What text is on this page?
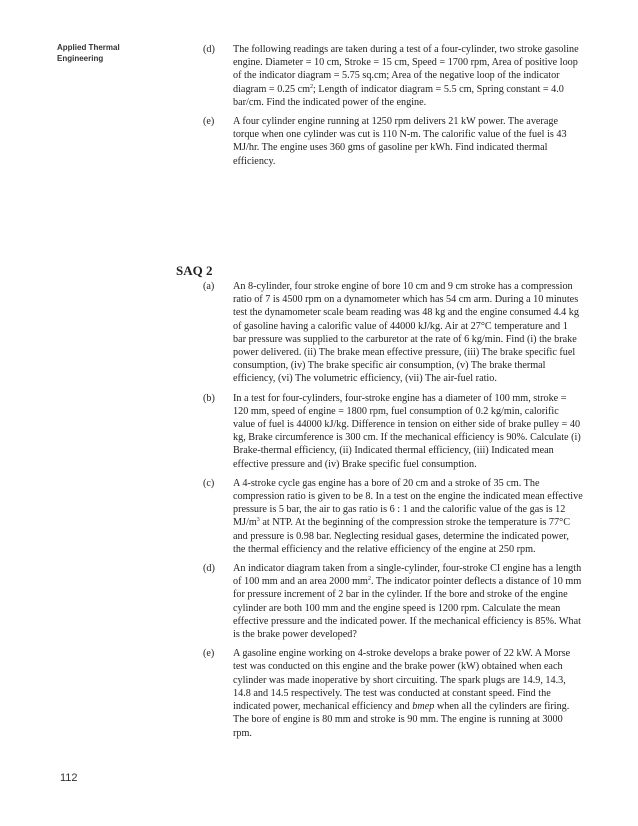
Applied Thermal
Engineering
(d)	The following readings are taken during a test of a four-cylinder, two stroke gasoline engine. Diameter = 10 cm, Stroke = 15 cm, Speed = 1700 rpm, Area of positive loop of the indicator diagram = 5.75 sq.cm; Area of the negative loop of the indicator diagram = 0.25 $cm^2$; Length of indicator diagram = 5.5 cm, Spring constant = 4.0 bar/cm. Find the indicated power of the engine.
(e)	A four cylinder engine running at 1250 rpm delivers 21 kW power. The average torque when one cylinder was cut is 110 N-m. The calorific value of the fuel is 43 MJ/hr. The engine uses 360 gms of gasoline per kWh. Find indicated thermal efficiency.
SAQ 2
(a)	An 8-cylinder, four stroke engine of bore 10 cm and 9 cm stroke has a compression ratio of 7 is 4500 rpm on a dynamometer which has 54 cm arm. During a 10 minutes test the dynamometer scale beam reading was 48 kg and the engine consumed 4.4 kg of gasoline having a calorific value of 44000 kJ/kg. Air at 27°C temperature and 1 bar pressure was supplied to the carburetor at the rate of 6 kg/min. Find (i) the brake power delivered. (ii) The brake mean effective pressure, (iii) The brake specific fuel consumption, (iv) The brake specific air consumption, (v) The brake thermal efficiency, (vi) The volumetric efficiency, (vii) The air-fuel ratio.
(b)	In a test for four-cylinders, four-stroke engine has a diameter of 100 mm, stroke = 120 mm, speed of engine = 1800 rpm, fuel consumption of 0.2 kg/min, calorific value of fuel is 44000 kJ/kg. Difference in tension on either side of brake pulley = 40 kg, Brake circumference is 300 cm. If the mechanical efficiency is 90%. Calculate (i) Brake-thermal efficiency, (ii) Indicated thermal efficiency, (iii) Indicated mean effective pressure and (iv) Brake specific fuel consumption.
(c)	A 4-stroke cycle gas engine has a bore of 20 cm and a stroke of 35 cm. The compression ratio is given to be 8. In a test on the engine the indicated mean effective pressure is 5 bar, the air to gas ratio is 6 : 1 and the calorific value of the gas is 12 $MJ/m^3$ at NTP. At the beginning of the compression stroke the temperature is 77°C and pressure is 0.98 bar. Neglecting residual gases, determine the indicated power, the thermal efficiency and the relative efficiency of the engine at 250 rpm.
(d)	An indicator diagram taken from a single-cylinder, four-stroke CI engine has a length of 100 mm and an area 2000 $mm^2$. The indicator pointer deflects a distance of 10 mm for pressure increment of 2 bar in the cylinder. If the bore and stroke of the engine cylinder are both 100 mm and the engine speed is 1200 rpm. Calculate the mean effective pressure and the indicated power. If the mechanical efficiency is 85%. What is the brake power developed?
(e)	A gasoline engine working on 4-stroke develops a brake power of 22 kW. A Morse test was conducted on this engine and the brake power (kW) obtained when each cylinder was made inoperative by short circuiting. The spark plugs are 14.9, 14.3, 14.8 and 14.5 respectively. The test was conducted at constant speed. Find the indicated power, mechanical efficiency and bmep when all the cylinders are firing. The bore of engine is 80 mm and stroke is 90 mm. The engine is running at 3000 rpm.
112
